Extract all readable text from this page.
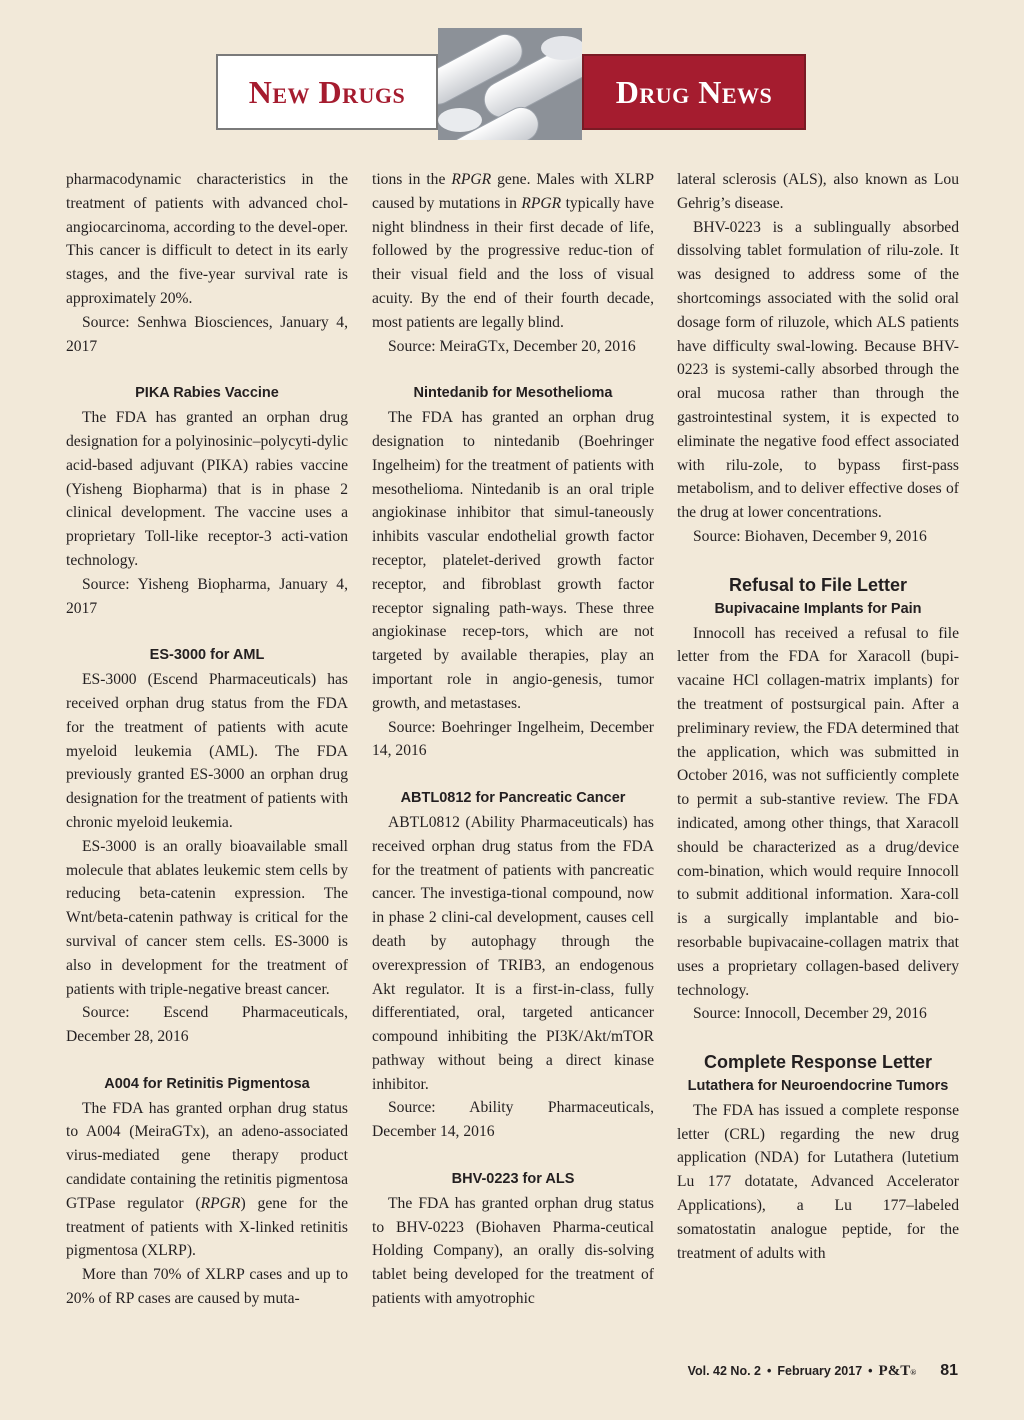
New Drugs	Drug News

pharmacodynamic characteristics in the treatment of patients with advanced chol-angiocarcinoma, according to the devel-oper. This cancer is difficult to detect in its early stages, and the five-year survival rate is approximately 20%.

Source: Senhwa Biosciences, January 4, 2017

PIKA Rabies Vaccine

The FDA has granted an orphan drug designation for a polyinosinic–polycyti-dylic acid-based adjuvant (PIKA) rabies vaccine (Yisheng Biopharma) that is in phase 2 clinical development. The vaccine uses a proprietary Toll-like receptor-3 acti-vation technology.

Source: Yisheng Biopharma, January 4, 2017

ES-3000 for AML

ES-3000 (Escend Pharmaceuticals) has received orphan drug status from the FDA for the treatment of patients with acute myeloid leukemia (AML). The FDA previously granted ES-3000 an orphan drug designation for the treatment of patients with chronic myeloid leukemia.

ES-3000 is an orally bioavailable small molecule that ablates leukemic stem cells by reducing beta-catenin expression. The Wnt/beta-catenin pathway is critical for the survival of cancer stem cells. ES-3000 is also in development for the treatment of patients with triple-negative breast cancer.

Source: Escend Pharmaceuticals, December 28, 2016

A004 for Retinitis Pigmentosa

The FDA has granted orphan drug status to A004 (MeiraGTx), an adeno-associated virus-mediated gene therapy product candidate containing the retinitis pigmentosa GTPase regulator (RPGR) gene for the treatment of patients with X-linked retinitis pigmentosa (XLRP).

More than 70% of XLRP cases and up to 20% of RP cases are caused by muta-

tions in the RPGR gene. Males with XLRP caused by mutations in RPGR typically have night blindness in their first decade of life, followed by the progressive reduc-tion of their visual field and the loss of visual acuity. By the end of their fourth decade, most patients are legally blind.

Source: MeiraGTx, December 20, 2016

Nintedanib for Mesothelioma

The FDA has granted an orphan drug designation to nintedanib (Boehringer Ingelheim) for the treatment of patients with mesothelioma. Nintedanib is an oral triple angiokinase inhibitor that simul-taneously inhibits vascular endothelial growth factor receptor, platelet-derived growth factor receptor, and fibroblast growth factor receptor signaling path-ways. These three angiokinase recep-tors, which are not targeted by available therapies, play an important role in angio-genesis, tumor growth, and metastases.

Source: Boehringer Ingelheim, December 14, 2016

ABTL0812 for Pancreatic Cancer

ABTL0812 (Ability Pharmaceuticals) has received orphan drug status from the FDA for the treatment of patients with pancreatic cancer. The investiga-tional compound, now in phase 2 clini-cal development, causes cell death by autophagy through the overexpression of TRIB3, an endogenous Akt regulator. It is a first-in-class, fully differentiated, oral, targeted anticancer compound inhibiting the PI3K/Akt/mTOR pathway without being a direct kinase inhibitor.

Source: Ability Pharmaceuticals, December 14, 2016

BHV-0223 for ALS

The FDA has granted orphan drug status to BHV-0223 (Biohaven Pharma-ceutical Holding Company), an orally dis-solving tablet being developed for the treatment of patients with amyotrophic

lateral sclerosis (ALS), also known as Lou Gehrig’s disease.

BHV-0223 is a sublingually absorbed dissolving tablet formulation of rilu-zole. It was designed to address some of the shortcomings associated with the solid oral dosage form of riluzole, which ALS patients have difficulty swal-lowing. Because BHV-0223 is systemi-cally absorbed through the oral mucosa rather than through the gastrointestinal system, it is expected to eliminate the negative food effect associated with rilu-zole, to bypass first-pass metabolism, and to deliver effective doses of the drug at lower concentrations.

Source: Biohaven, December 9, 2016

Refusal to File Letter
Bupivacaine Implants for Pain

Innocoll has received a refusal to file letter from the FDA for Xaracoll (bupi-vacaine HCl collagen-matrix implants) for the treatment of postsurgical pain. After a preliminary review, the FDA determined that the application, which was submitted in October 2016, was not sufficiently complete to permit a sub-stantive review. The FDA indicated, among other things, that Xaracoll should be characterized as a drug/device com-bination, which would require Innocoll to submit additional information. Xara-coll is a surgically implantable and bio-resorbable bupivacaine-collagen matrix that uses a proprietary collagen-based delivery technology.

Source: Innocoll, December 29, 2016

Complete Response Letter
Lutathera for Neuroendocrine Tumors

The FDA has issued a complete response letter (CRL) regarding the new drug application (NDA) for Lutathera (lutetium Lu 177 dotatate, Advanced Accelerator Applications), a Lu 177–labeled somatostatin analogue peptide, for the treatment of adults with

Vol. 42 No. 2 • February 2017 • P&T® 81
